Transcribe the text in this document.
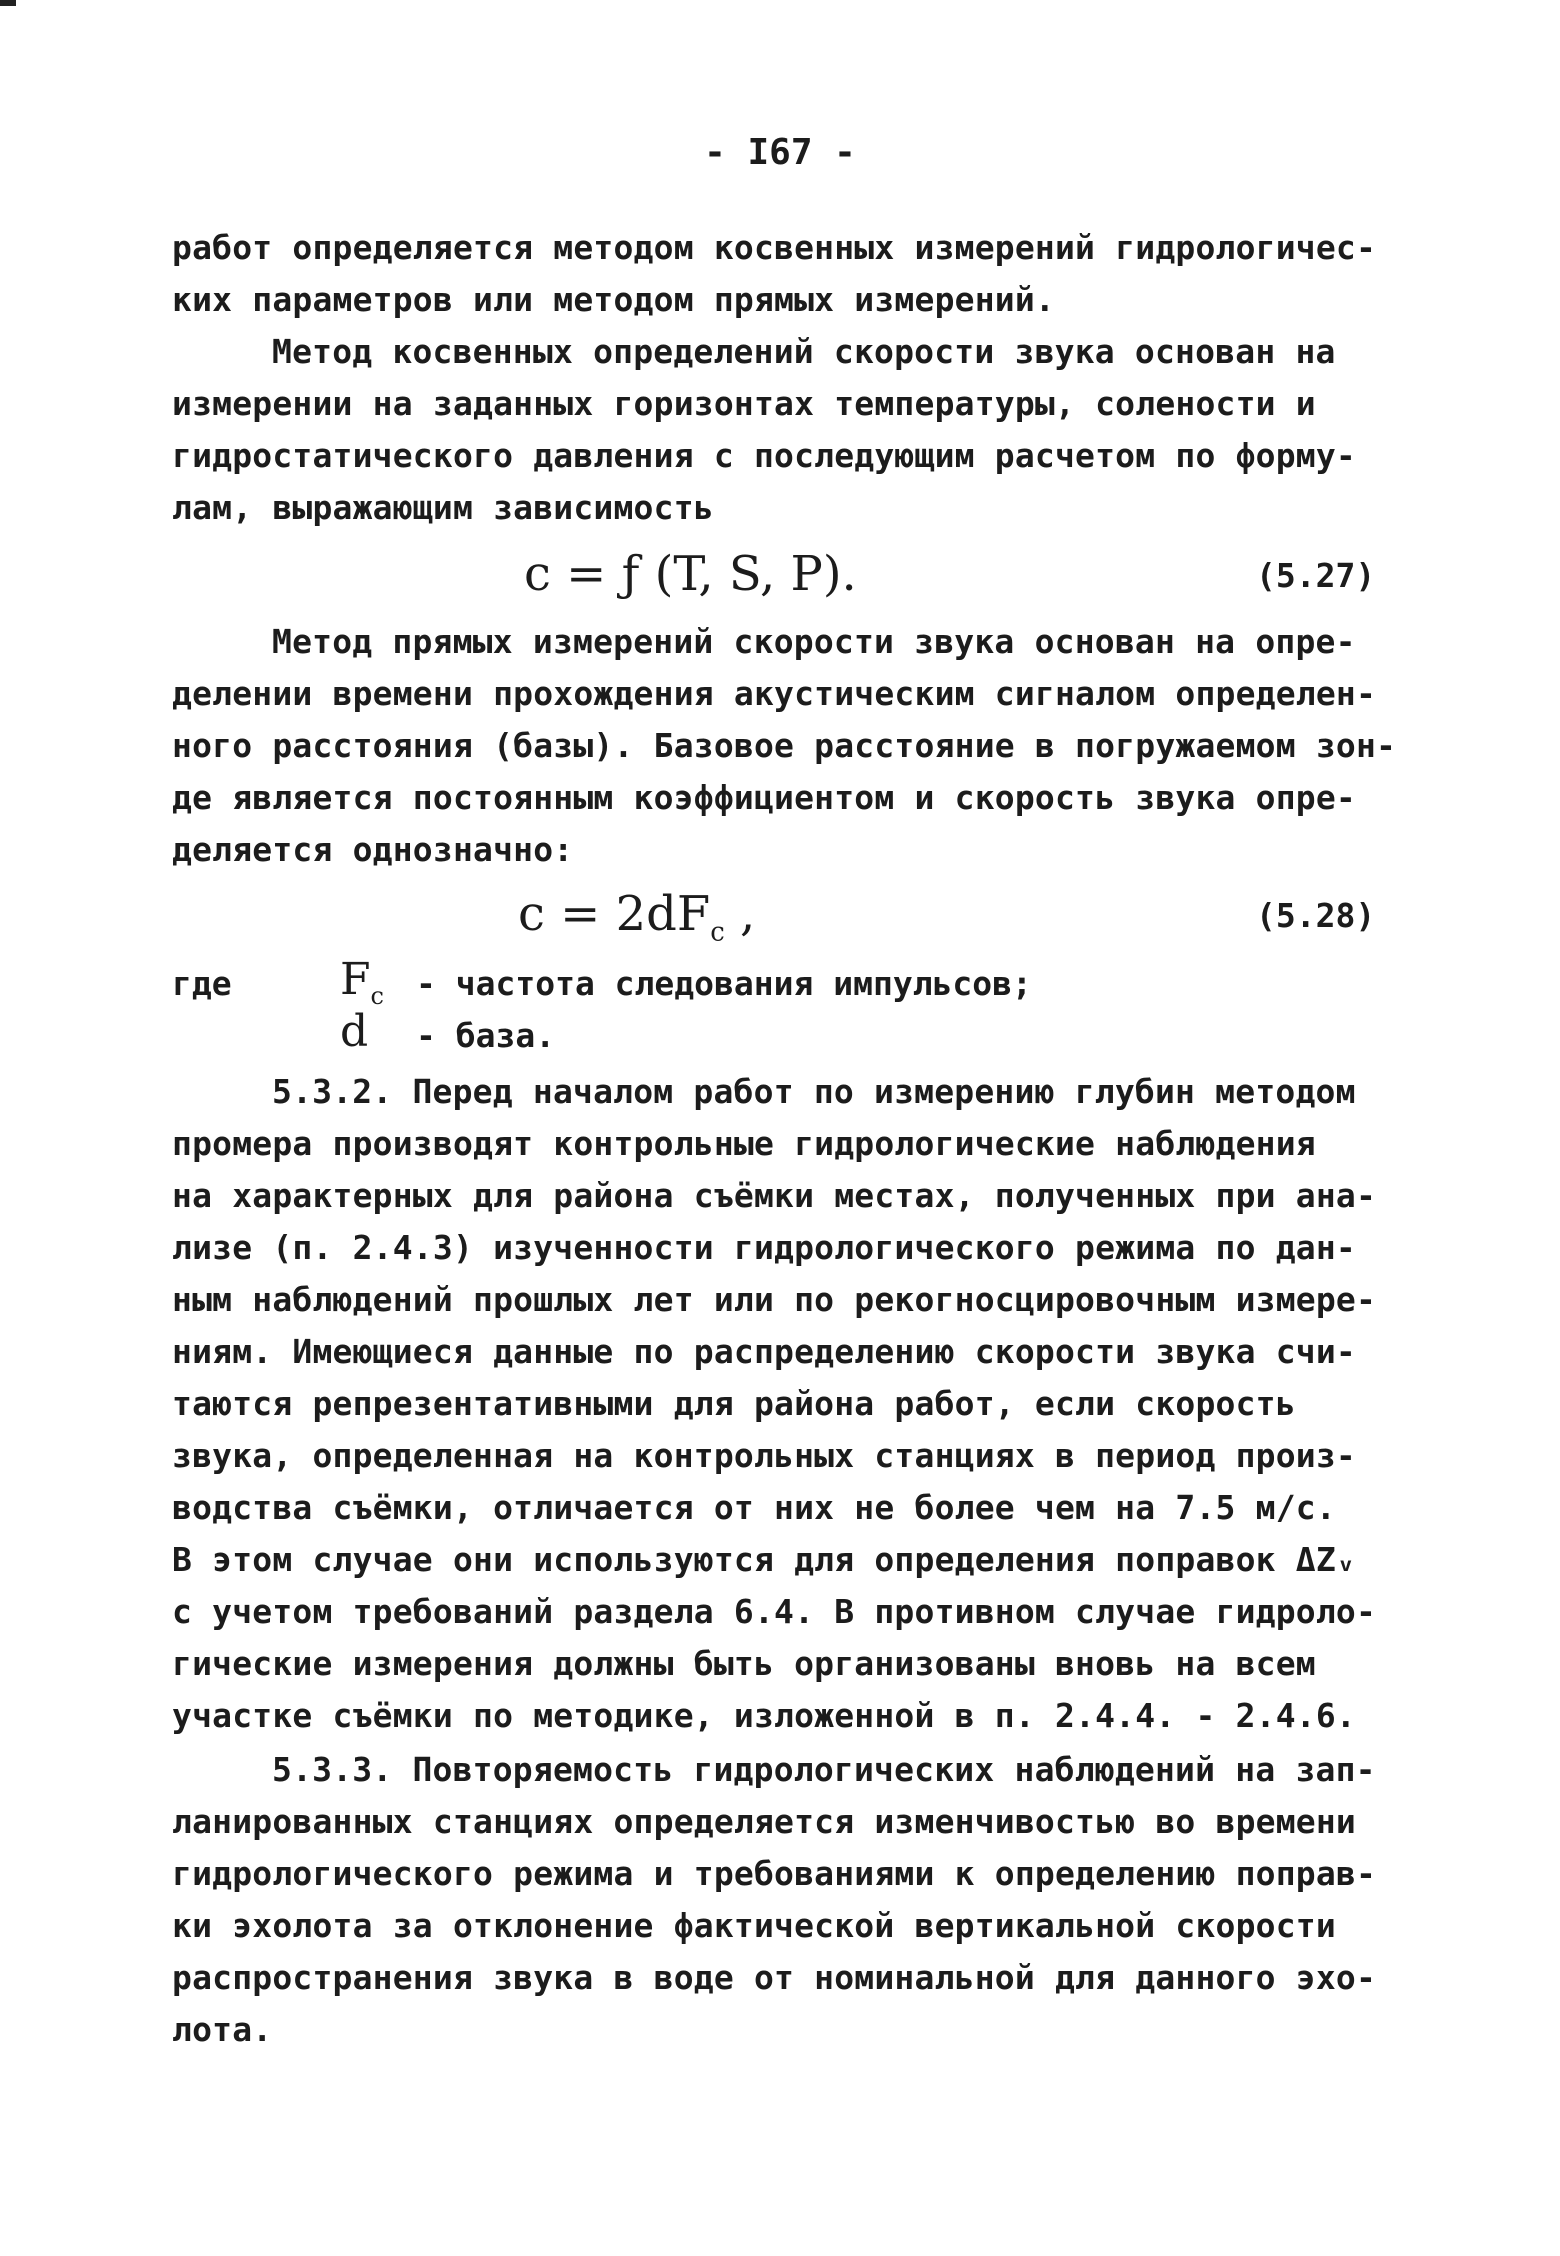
- I67 -
работ определяется методом косвенных измерений гидрологичес-
ких параметров или методом прямых измерений.
Метод косвенных определений скорости звука основан на
измерении на заданных горизонтах температуры, солености и
гидростатического давления с последующим расчетом по форму-
лам, выражающим зависимость
c = ƒ (T, S, P).	(5.27)
Метод прямых измерений скорости звука основан на опре-
делении времени прохождения акустическим сигналом определен-
ного расстояния (базы). Базовое расстояние в погружаемом зон-
де является постоянным коэффициентом и скорость звука опре-
деляется однозначно:
$c = 2dF_c$ ,	(5.28)
где $F_c$ - частота следования импульсов;
d - база.
5.3.2. Перед началом работ по измерению глубин методом
промера производят контрольные гидрологические наблюдения
на характерных для района съёмки местах, полученных при ана-
лизе (п. 2.4.3) изученности гидрологического режима по дан-
ным наблюдений прошлых лет или по рекогносцировочным измере-
ниям. Имеющиеся данные по распределению скорости звука счи-
таются репрезентативными для района работ, если скорость
звука, определенная на контрольных станциях в период произ-
водства съёмки, отличается от них не более чем на 7.5 м/с.
В этом случае они используются для определения поправок ΔZᵥ
с учетом требований раздела 6.4. В противном случае гидроло-
гические измерения должны быть организованы вновь на всем
участке съёмки по методике, изложенной в п. 2.4.4. - 2.4.6.
5.3.3. Повторяемость гидрологических наблюдений на зап-
ланированных станциях определяется изменчивостью во времени
гидрологического режима и требованиями к определению поправ-
ки эхолота за отклонение фактической вертикальной скорости
распространения звука в воде от номинальной для данного эхо-
лота.
